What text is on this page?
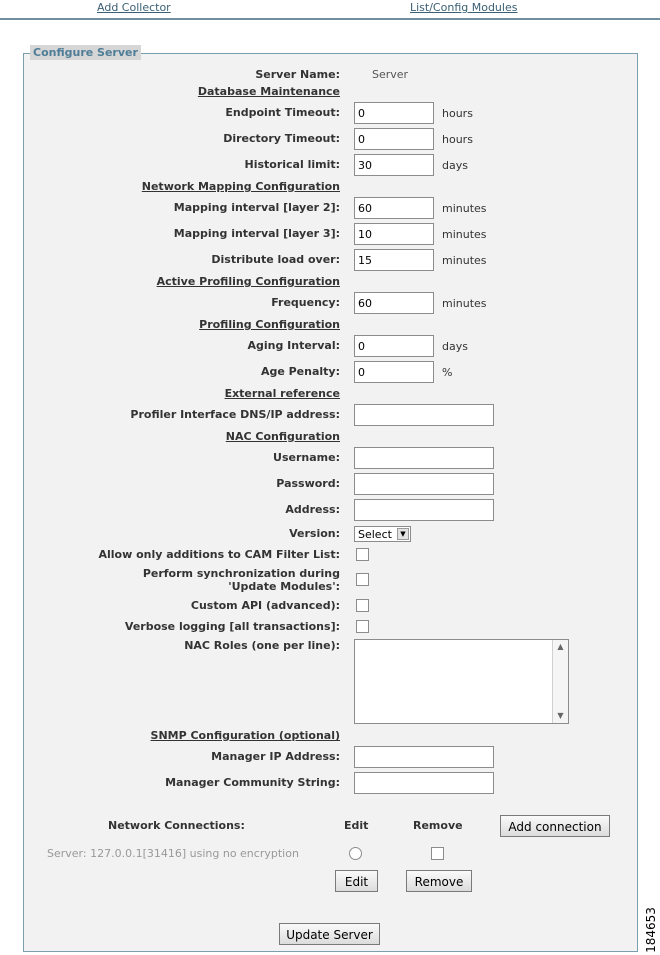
Add Collector	List/Config Modules
Configure Server
Server Name:	Server
Database Maintenance
Endpoint Timeout:
0	hours
Directory Timeout:
0	hours
Historical limit:
30	days
Network Mapping Configuration
Mapping interval [layer 2]:
60	minutes
Mapping interval [layer 3]:
10	minutes
Distribute load over:
15	minutes
Active Profiling Configuration
Frequency:
60	minutes
Profiling Configuration
Aging Interval:
0	days
Age Penalty:
0	%
External reference
Profiler Interface DNS/IP address:
NAC Configuration
Username:
Password:
Address:
Version: Select	▼
Allow only additions to CAM Filter List:
Perform synchronization during
'Update Modules':
Custom API (advanced):
Verbose logging [all transactions]:
NAC Roles (one per line):	▲
▼
SNMP Configuration (optional)
Manager IP Address:
Manager Community String:
Network Connections:	Edit	Remove	Add connection
Server: 127.0.0.1[31416] using no encryption
Edit	Remove
Update Server	184653
